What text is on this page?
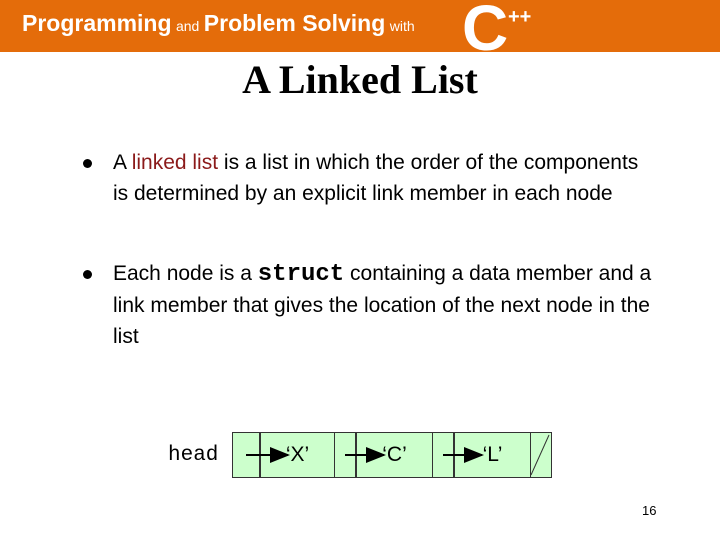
Programming and Problem Solving with C ++
A Linked List
A linked list is a list in which the order of the components is determined by an explicit link member in each node
Each node is a struct containing a data member and a link member that gives the location of the next node in the list
head	‘X’	‘C’	‘L’
16
